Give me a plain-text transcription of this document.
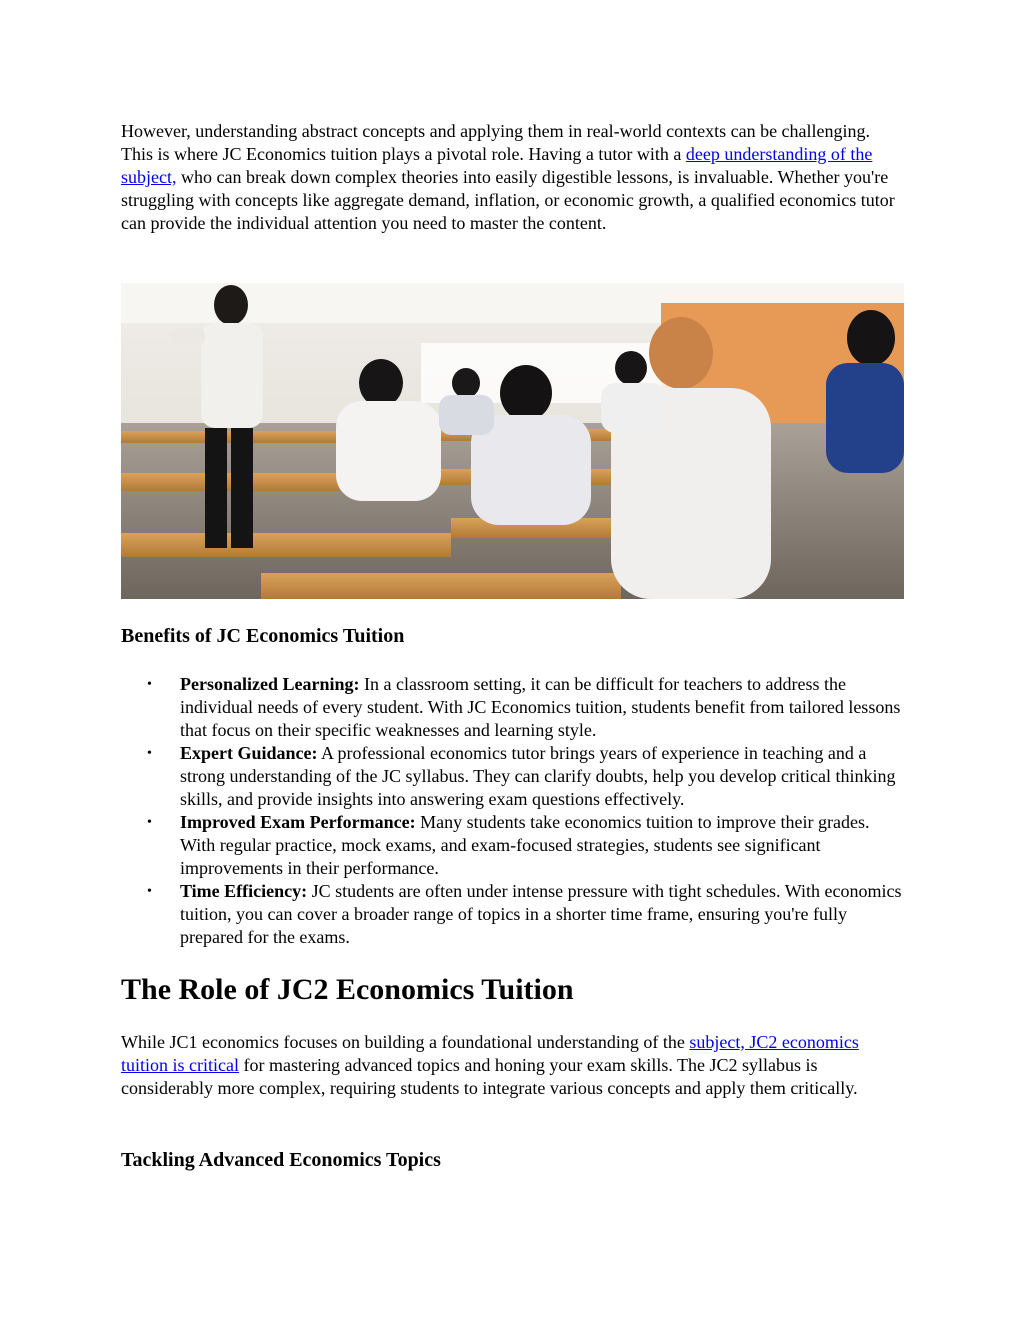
However, understanding abstract concepts and applying them in real-world contexts can be challenging. This is where JC Economics tuition plays a pivotal role. Having a tutor with a deep understanding of the subject, who can break down complex theories into easily digestible lessons, is invaluable. Whether you're struggling with concepts like aggregate demand, inflation, or economic growth, a qualified economics tutor can provide the individual attention you need to master the content.

Benefits of JC Economics Tuition
• Personalized Learning: In a classroom setting, it can be difficult for teachers to address the individual needs of every student. With JC Economics tuition, students benefit from tailored lessons that focus on their specific weaknesses and learning style.
• Expert Guidance: A professional economics tutor brings years of experience in teaching and a strong understanding of the JC syllabus. They can clarify doubts, help you develop critical thinking skills, and provide insights into answering exam questions effectively.
• Improved Exam Performance: Many students take economics tuition to improve their grades. With regular practice, mock exams, and exam-focused strategies, students see significant improvements in their performance.
• Time Efficiency: JC students are often under intense pressure with tight schedules. With economics tuition, you can cover a broader range of topics in a shorter time frame, ensuring you're fully prepared for the exams.
The Role of JC2 Economics Tuition

While JC1 economics focuses on building a foundational understanding of the subject, JC2 economics tuition is critical for mastering advanced topics and honing your exam skills. The JC2 syllabus is considerably more complex, requiring students to integrate various concepts and apply them critically.

Tackling Advanced Economics Topics
